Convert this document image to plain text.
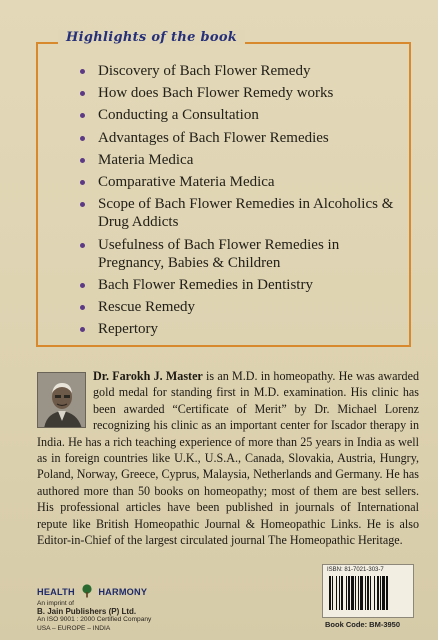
Highlights of the book
Discovery of Bach Flower Remedy
How does Bach Flower Remedy works
Conducting a Consultation
Advantages of Bach Flower Remedies
Materia Medica
Comparative Materia Medica
Scope of Bach Flower Remedies in Alcoholics & Drug Addicts
Usefulness of Bach Flower Remedies in Pregnancy, Babies & Children
Bach Flower Remedies in Dentistry
Rescue Remedy
Repertory

Dr. Farokh J. Master is an M.D. in homeopathy. He was awarded gold medal for standing first in M.D. examination. His clinic has been awarded “Certificate of Merit” by Dr. Michael Lorenz recognizing his clinic as an important center for Iscador therapy in India. He has a rich teaching experience of more than 25 years in India as well as in foreign countries like U.K., U.S.A., Canada, Slovakia, Austria, Hungry, Poland, Norway, Greece, Cyprus, Malaysia, Netherlands and Germany. He has authored more than 50 books on homeopathy; most of them are best sellers. His professional articles have been published in journals of International repute like British Homeopathic Journal & Homeopathic Links. He is also Editor-in-Chief of the largest circulated journal The Homeopathic Heritage.

HEALTH	HARMONY
An imprint of
B. Jain Publishers (P) Ltd.
An ISO 9001 : 2000 Certified Company
USA – EUROPE – INDIA
ISBN: 81-7021-303-7
Book Code: BM-3950
